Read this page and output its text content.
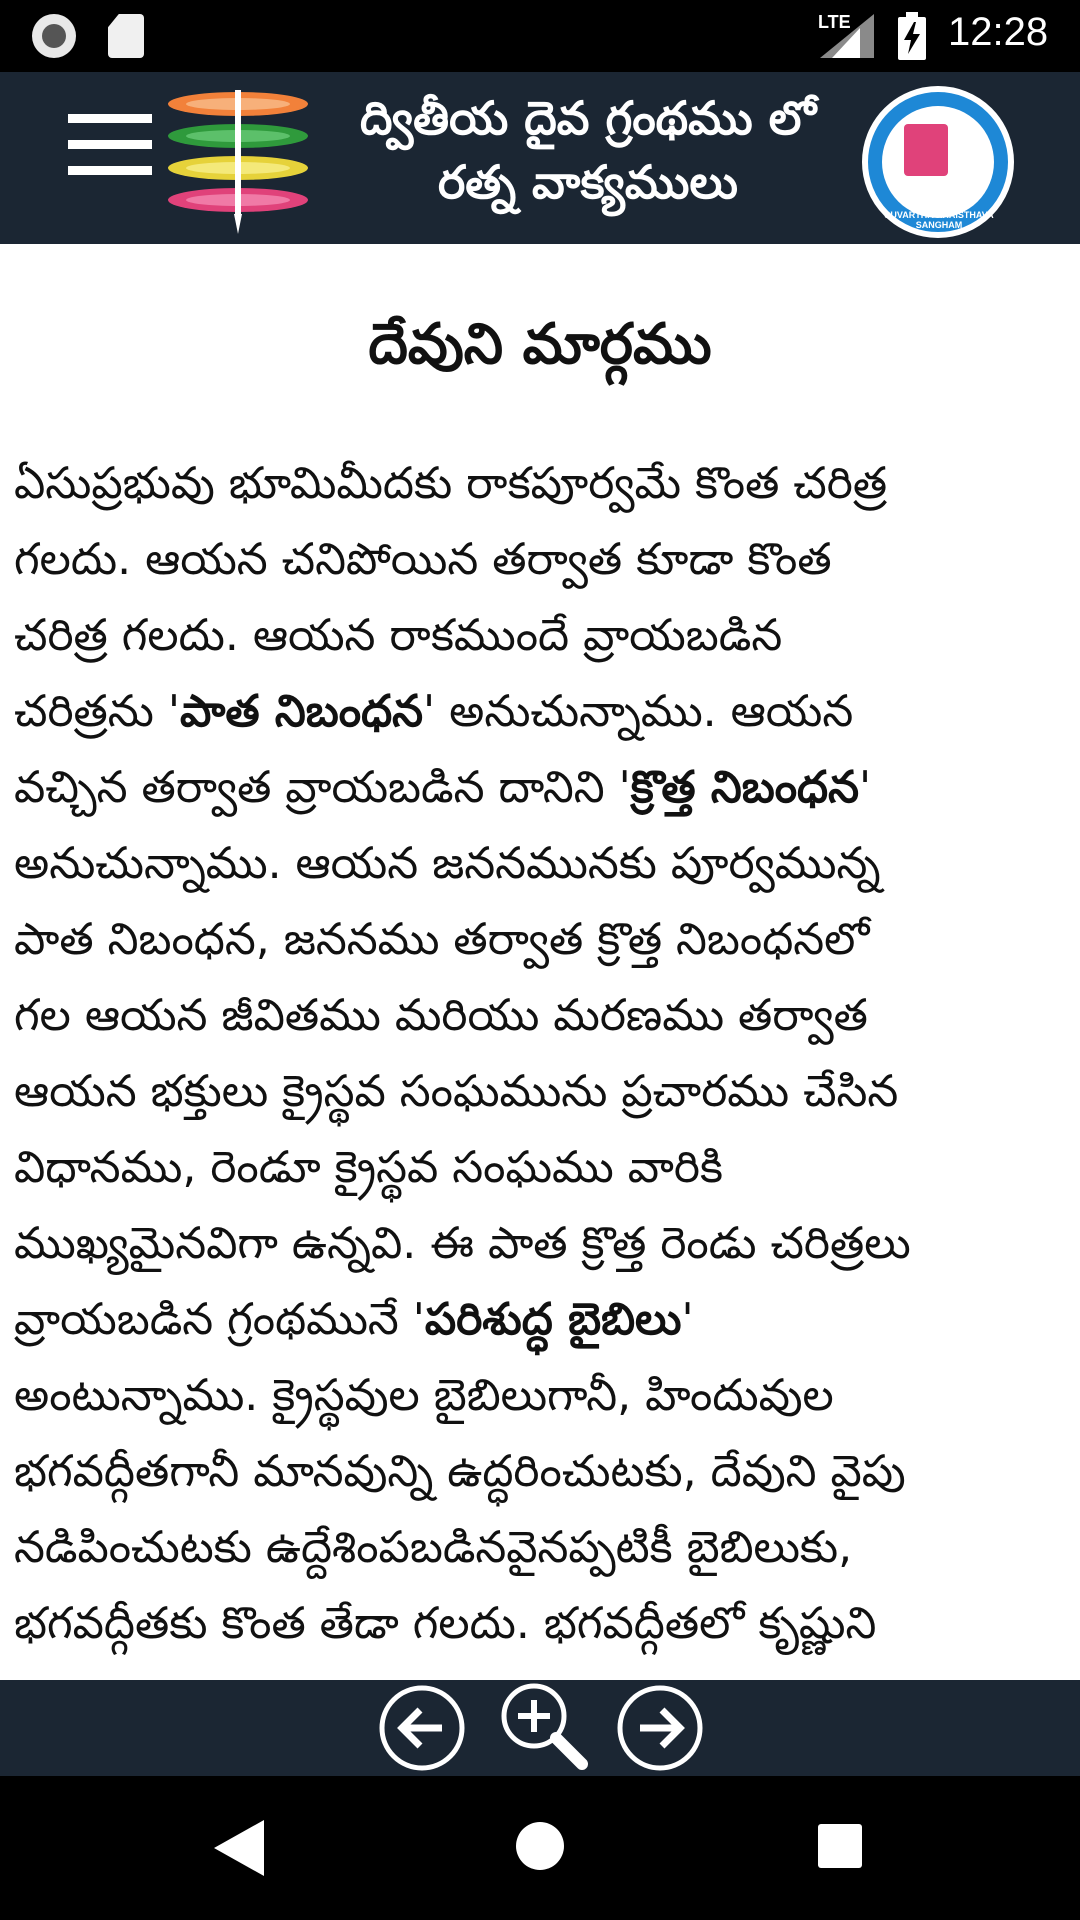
LTE 12:28
ద్వితీయ దైవ గ్రంథము లో
రత్న వాక్యములు
SUVARTHA KRAISTHAVA SANGHAM
దేవుని మార్గము
ఏసుప్రభువు భూమిమీదకు రాకపూర్వమే కొంత చరిత్ర
గలదు. ఆయన చనిపోయిన తర్వాత కూడా కొంత
చరిత్ర గలదు. ఆయన రాకముందే వ్రాయబడిన
చరిత్రను 'పాత నిబంధన' అనుచున్నాము. ఆయన
వచ్చిన తర్వాత వ్రాయబడిన దానిని 'క్రొత్త నిబంధన'
అనుచున్నాము. ఆయన జననమునకు పూర్వమున్న
పాత నిబంధన, జననము తర్వాత క్రొత్త నిబంధనలో
గల ఆయన జీవితము మరియు మరణము తర్వాత
ఆయన భక్తులు క్రైస్థవ సంఘమును ప్రచారము చేసిన
విధానము, రెండూ క్రైస్థవ సంఘము వారికి
ముఖ్యమైనవిగా ఉన్నవి. ఈ పాత క్రొత్త రెండు చరిత్రలు
వ్రాయబడిన గ్రంథమునే 'పరిశుద్ధ బైబిలు'
అంటున్నాము. క్రైస్థవుల బైబిలుగానీ, హిందువుల
భగవద్గీతగానీ మానవున్ని ఉద్ధరించుటకు, దేవుని వైపు
నడిపించుటకు ఉద్దేశింపబడినవైనప్పటికీ బైబిలుకు,
భగవద్గీతకు కొంత తేడా గలదు. భగవద్గీతలో కృష్ణుని
